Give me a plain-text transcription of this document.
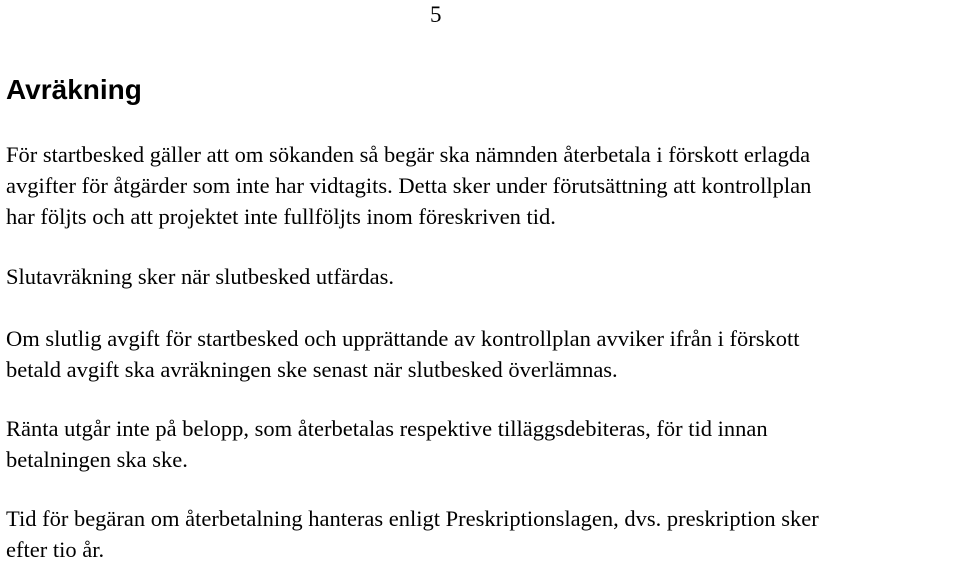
5
Avräkning

För startbesked gäller att om sökanden så begär ska nämnden återbetala i förskott erlagda
avgifter för åtgärder som inte har vidtagits. Detta sker under förutsättning att kontrollplan
har följts och att projektet inte fullföljts inom föreskriven tid.

Slutavräkning sker när slutbesked utfärdas.

Om slutlig avgift för startbesked och upprättande av kontrollplan avviker ifrån i förskott
betald avgift ska avräkningen ske senast när slutbesked överlämnas.

Ränta utgår inte på belopp, som återbetalas respektive tilläggsdebiteras, för tid innan
betalningen ska ske.

Tid för begäran om återbetalning hanteras enligt Preskriptionslagen, dvs. preskription sker
efter tio år.
